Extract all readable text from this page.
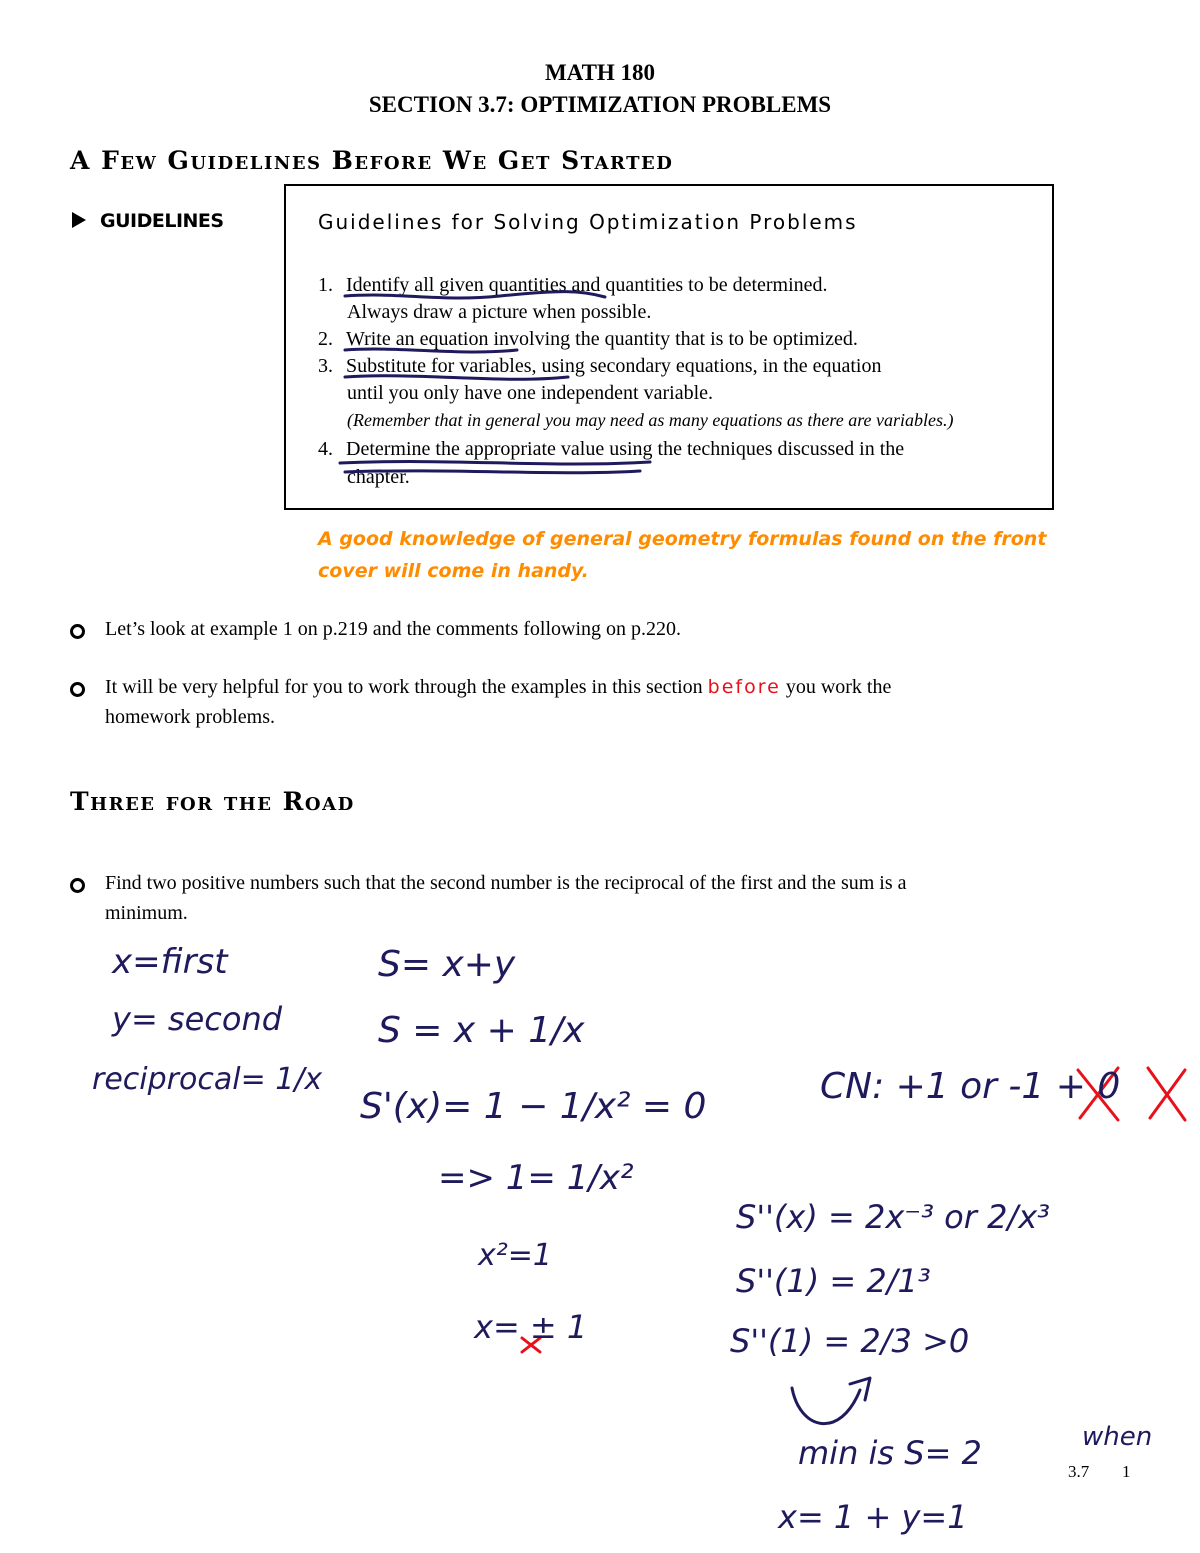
MATH 180
SECTION 3.7: OPTIMIZATION PROBLEMS
A Few Guidelines Before We Get Started
GUIDELINES	Guidelines for Solving Optimization Problems
1. Identify all given quantities and quantities to be determined.
Always draw a picture when possible.
2. Write an equation involving the quantity that is to be optimized.
3. Substitute for variables, using secondary equations, in the equation
until you only have one independent variable.
(Remember that in general you may need as many equations as there are variables.)
4. Determine the appropriate value using the techniques discussed in the
chapter.
A good knowledge of general geometry formulas found on the front
cover will come in handy.
Let’s look at example 1 on p.219 and the comments following on p.220.
It will be very helpful for you to work through the examples in this section before you work the
homework problems.
Three for the Road
Find two positive numbers such that the second number is the reciprocal of the first and the sum is a
minimum.
x=first
y= second
reciprocal= 1/x
S= x+y
S = x + 1/x
S'(x)= 1 − 1/x² = 0
=> 1= 1/x²
x²=1
x= ± 1
CN: +1 or -1 + 0
S''(x) = 2x⁻³ or 2/x³
S''(1) = 2/1³
S''(1) = 2/3 >0
min is S= 2	when
x= 1 + y=1
3.7 1
